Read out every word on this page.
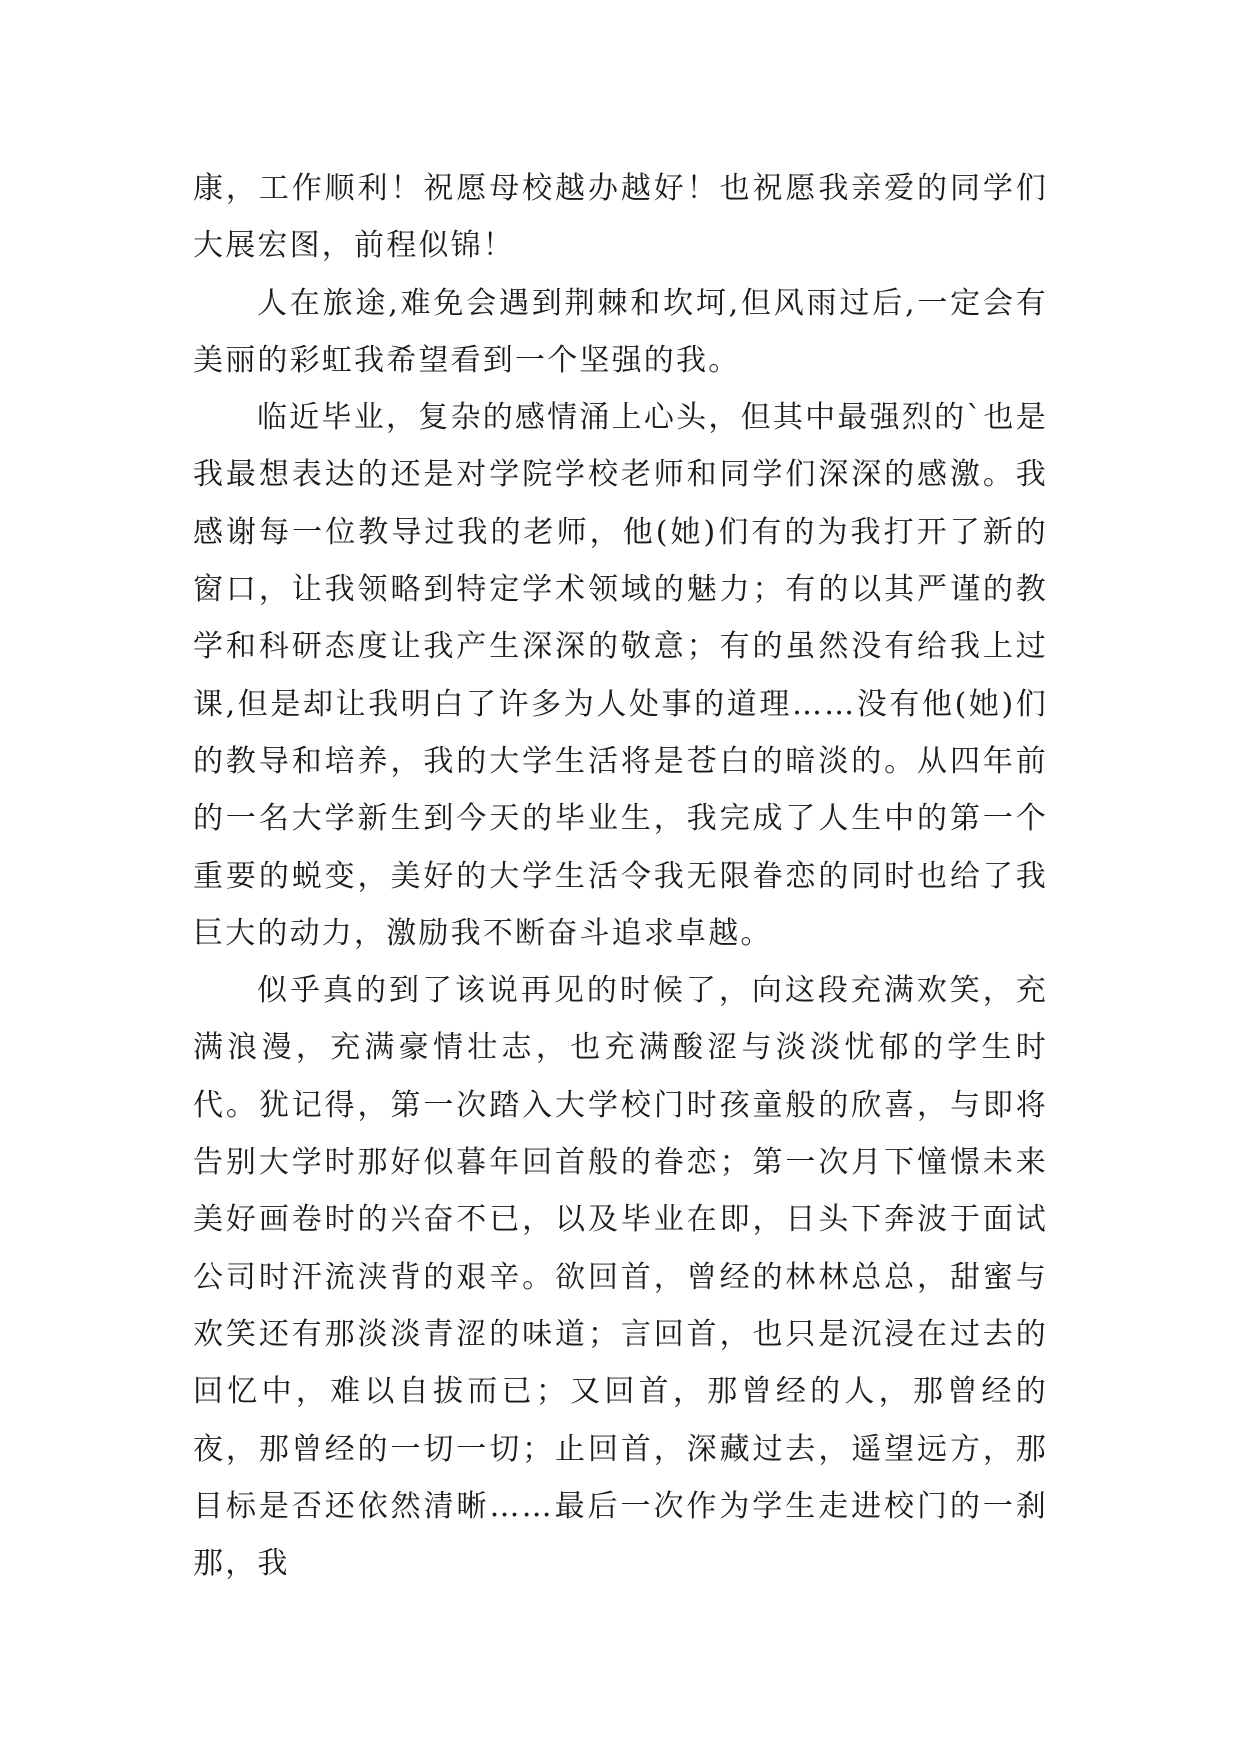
康，工作顺利！祝愿母校越办越好！也祝愿我亲爱的同学们大展宏图，前程似锦！

人在旅途,难免会遇到荆棘和坎坷,但风雨过后,一定会有美丽的彩虹我希望看到一个坚强的我。

临近毕业，复杂的感情涌上心头，但其中最强烈的`也是我最想表达的还是对学院学校老师和同学们深深的感激。我感谢每一位教导过我的老师，他(她)们有的为我打开了新的窗口，让我领略到特定学术领域的魅力；有的以其严谨的教学和科研态度让我产生深深的敬意；有的虽然没有给我上过课,但是却让我明白了许多为人处事的道理……没有他(她)们的教导和培养，我的大学生活将是苍白的暗淡的。从四年前的一名大学新生到今天的毕业生，我完成了人生中的第一个重要的蜕变，美好的大学生活令我无限眷恋的同时也给了我巨大的动力，激励我不断奋斗追求卓越。

似乎真的到了该说再见的时候了，向这段充满欢笑，充满浪漫，充满豪情壮志，也充满酸涩与淡淡忧郁的学生时代。犹记得，第一次踏入大学校门时孩童般的欣喜，与即将告别大学时那好似暮年回首般的眷恋；第一次月下憧憬未来美好画卷时的兴奋不已，以及毕业在即，日头下奔波于面试公司时汗流浃背的艰辛。欲回首，曾经的林林总总，甜蜜与欢笑还有那淡淡青涩的味道；言回首，也只是沉浸在过去的回忆中，难以自拔而已；又回首，那曾经的人，那曾经的夜，那曾经的一切一切；止回首，深藏过去，遥望远方，那目标是否还依然清晰……最后一次作为学生走进校门的一刹那，我
